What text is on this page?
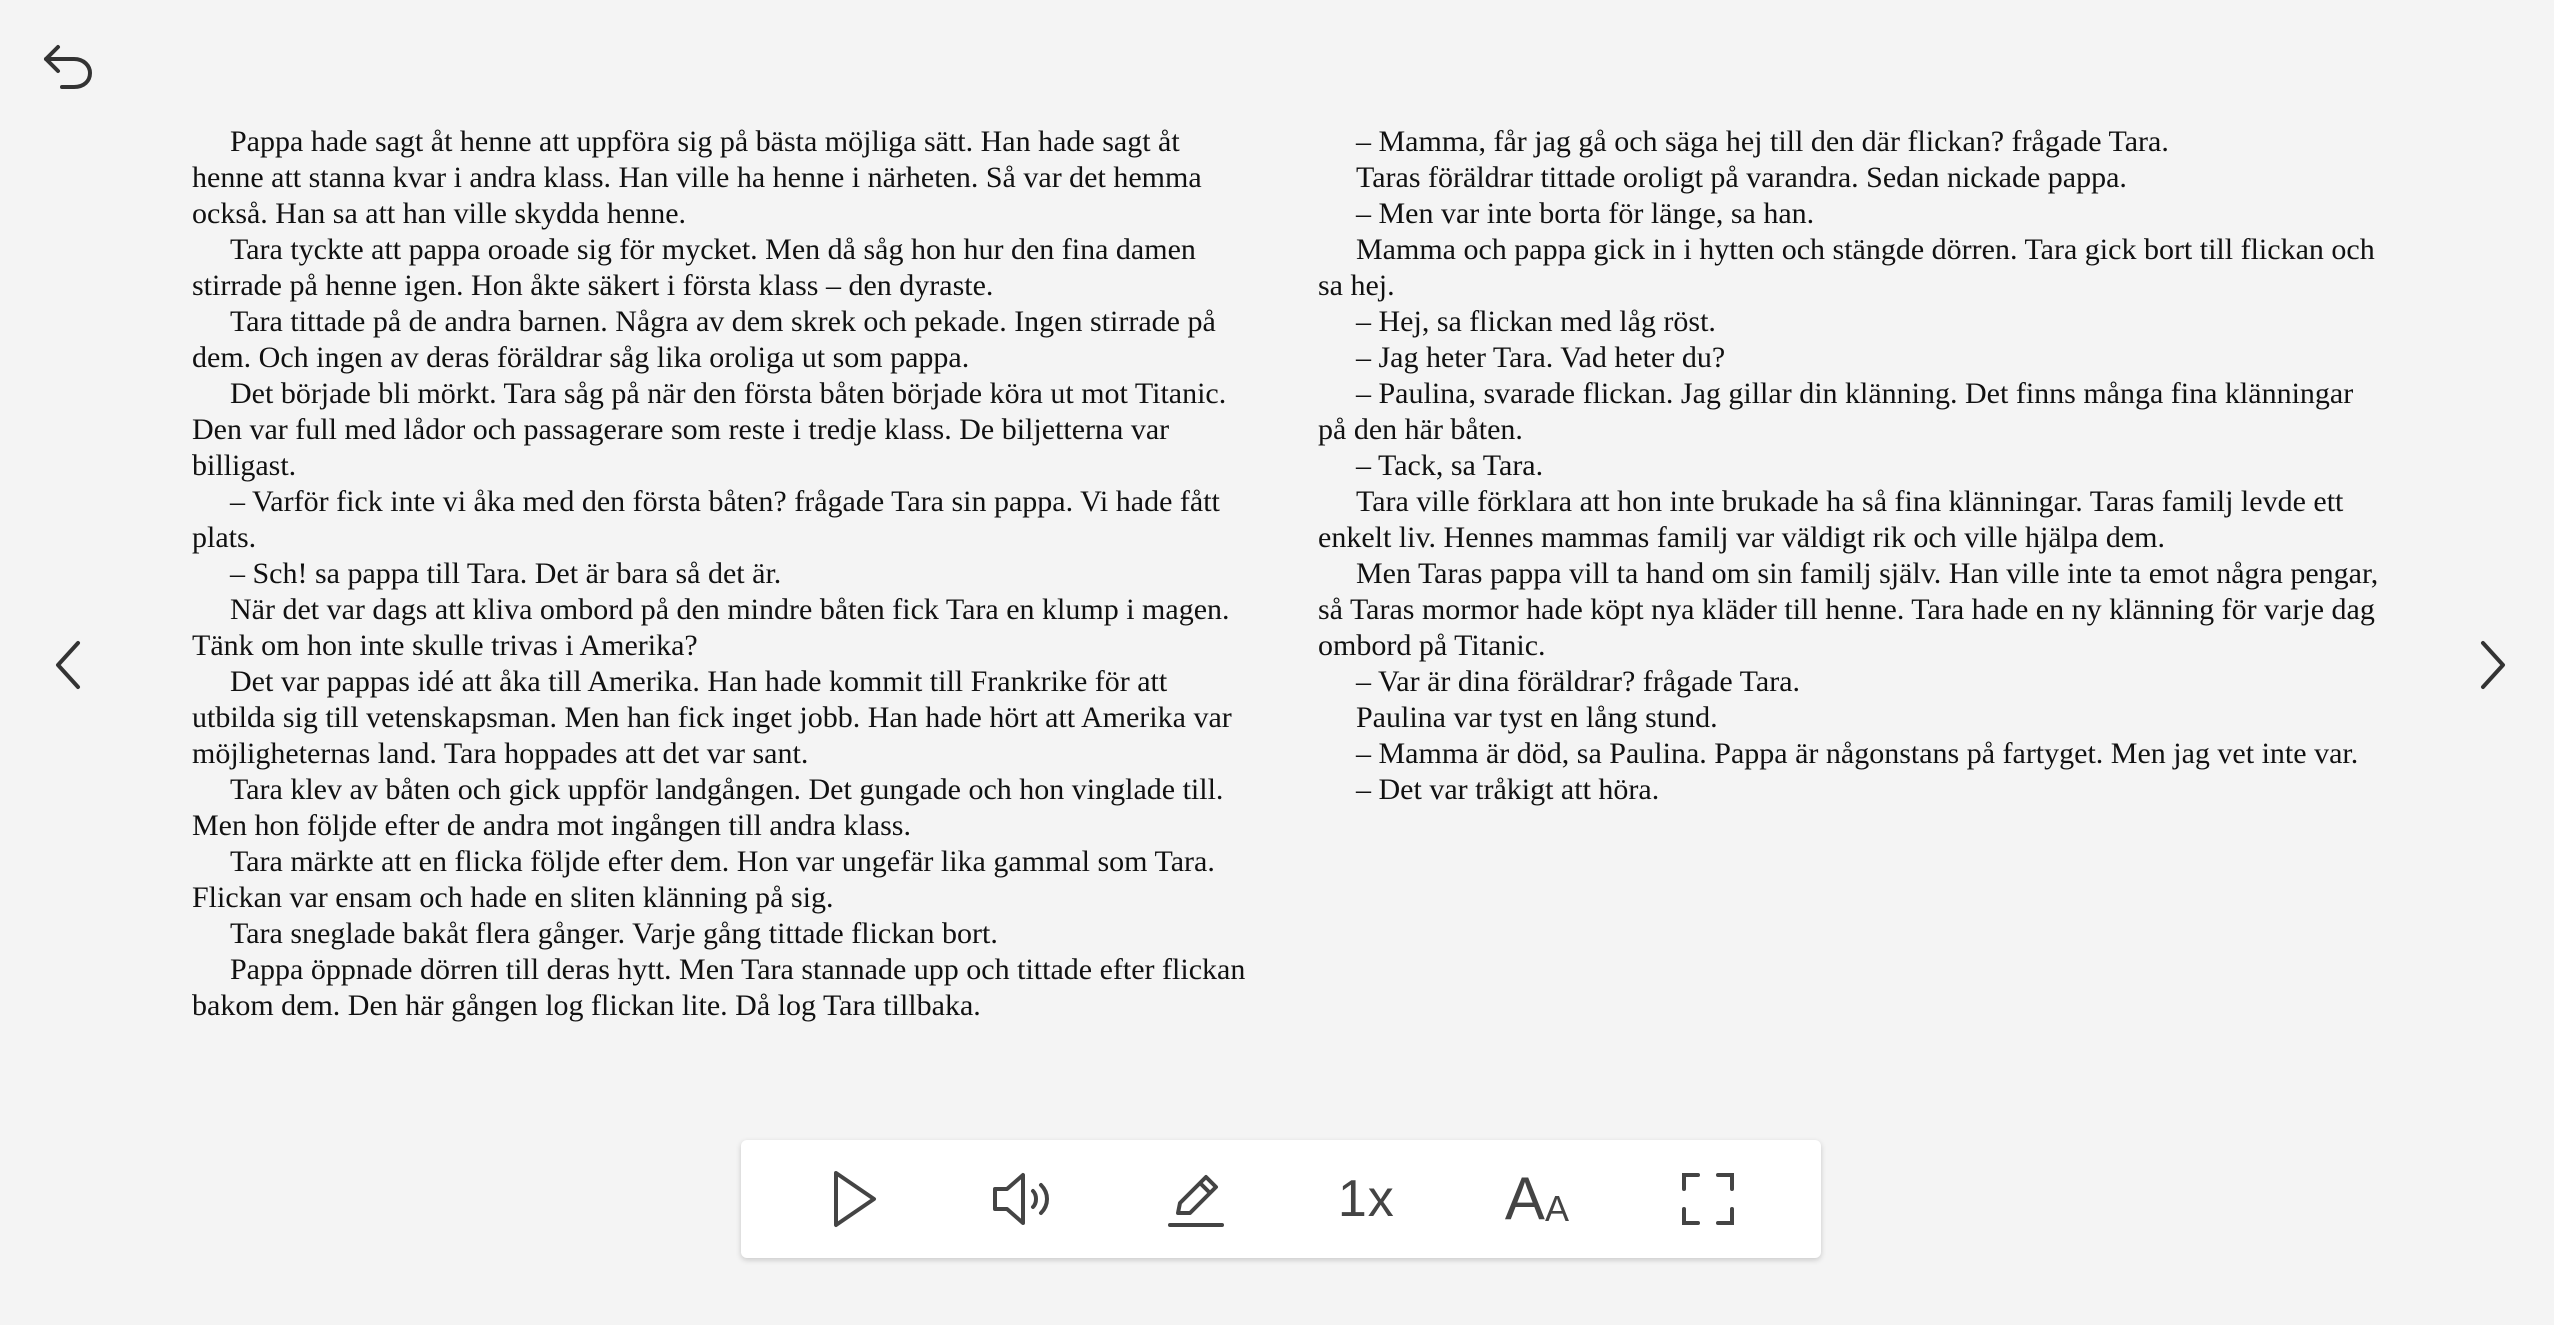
Pappa hade sagt åt henne att uppföra sig på bästa möjliga sätt. Han hade sagt åt henne att stanna kvar i andra klass. Han ville ha henne i närheten. Så var det hemma också. Han sa att han ville skydda henne.

Tara tyckte att pappa oroade sig för mycket. Men då såg hon hur den fina damen stirrade på henne igen. Hon åkte säkert i första klass – den dyraste.

Tara tittade på de andra barnen. Några av dem skrek och pekade. Ingen stirrade på dem. Och ingen av deras föräldrar såg lika oroliga ut som pappa.

Det började bli mörkt. Tara såg på när den första båten började köra ut mot Titanic. Den var full med lådor och passagerare som reste i tredje klass. De biljetterna var billigast.

– Varför fick inte vi åka med den första båten? frågade Tara sin pappa. Vi hade fått plats.

– Sch! sa pappa till Tara. Det är bara så det är.

När det var dags att kliva ombord på den mindre båten fick Tara en klump i magen. Tänk om hon inte skulle trivas i Amerika?

Det var pappas idé att åka till Amerika. Han hade kommit till Frankrike för att utbilda sig till vetenskapsman. Men han fick inget jobb. Han hade hört att Amerika var möjligheternas land. Tara hoppades att det var sant.

Tara klev av båten och gick uppför landgången. Det gungade och hon vinglade till. Men hon följde efter de andra mot ingången till andra klass.

Tara märkte att en flicka följde efter dem. Hon var ungefär lika gammal som Tara. Flickan var ensam och hade en sliten klänning på sig.

Tara sneglade bakåt flera gånger. Varje gång tittade flickan bort.

Pappa öppnade dörren till deras hytt. Men Tara stannade upp och tittade efter flickan bakom dem. Den här gången log flickan lite. Då log Tara tillbaka.

– Mamma, får jag gå och säga hej till den där flickan? frågade Tara.

Taras föräldrar tittade oroligt på varandra. Sedan nickade pappa.

– Men var inte borta för länge, sa han.

Mamma och pappa gick in i hytten och stängde dörren. Tara gick bort till flickan och sa hej.

– Hej, sa flickan med låg röst.

– Jag heter Tara. Vad heter du?

– Paulina, svarade flickan. Jag gillar din klänning. Det finns många fina klänningar på den här båten.

– Tack, sa Tara.

Tara ville förklara att hon inte brukade ha så fina klänningar. Taras familj levde ett enkelt liv. Hennes mammas familj var väldigt rik och ville hjälpa dem.

Men Taras pappa vill ta hand om sin familj själv. Han ville inte ta emot några pengar, så Taras mormor hade köpt nya kläder till henne. Tara hade en ny klänning för varje dag ombord på Titanic.

– Var är dina föräldrar? frågade Tara.

Paulina var tyst en lång stund.

– Mamma är död, sa Paulina. Pappa är någonstans på fartyget. Men jag vet inte var.

– Det var tråkigt att höra.

1x A A
